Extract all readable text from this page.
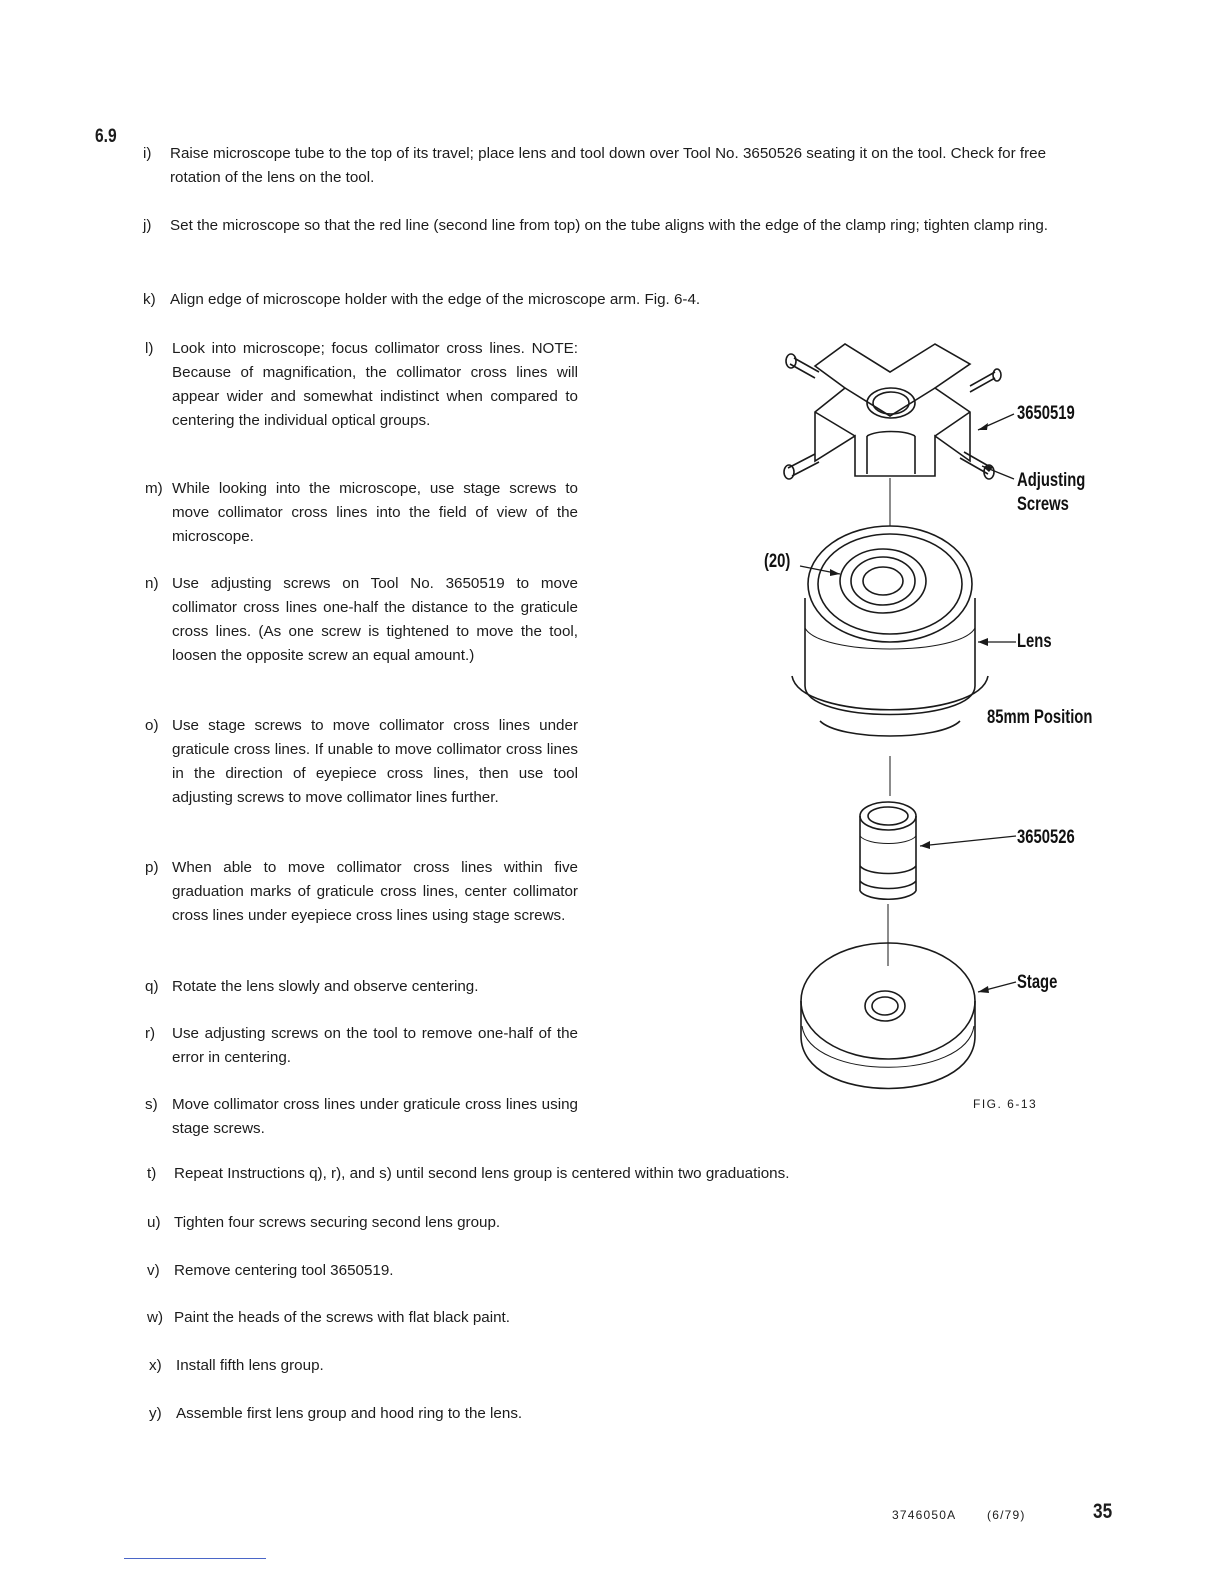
6.9
i) Raise microscope tube to the top of its travel; place lens and tool down over Tool No. 3650526 seating it on the tool. Check for free rotation of the lens on the tool.
j) Set the microscope so that the red line (second line from top) on the tube aligns with the edge of the clamp ring; tighten clamp ring.
k) Align edge of microscope holder with the edge of the microscope arm. Fig. 6-4.
l) Look into microscope; focus collimator cross lines. NOTE: Because of magnification, the collimator cross lines will appear wider and somewhat indistinct when compared to centering the individual optical groups.
m) While looking into the microscope, use stage screws to move collimator cross lines into the field of view of the microscope.
n) Use adjusting screws on Tool No. 3650519 to move collimator cross lines one-half the distance to the graticule cross lines. (As one screw is tightened to move the tool, loosen the opposite screw an equal amount.)
o) Use stage screws to move collimator cross lines under graticule cross lines. If unable to move collimator cross lines in the direction of eyepiece cross lines, then use tool adjusting screws to move collimator lines further.
p) When able to move collimator cross lines within five graduation marks of graticule cross lines, center collimator cross lines under eyepiece cross lines using stage screws.
q) Rotate the lens slowly and observe centering.
r) Use adjusting screws on the tool to remove one-half of the error in centering.
s) Move collimator cross lines under graticule cross lines using stage screws.
t) Repeat Instructions q), r), and s) until second lens group is centered within two graduations.
u) Tighten four screws securing second lens group.
v) Remove centering tool 3650519.
w) Paint the heads of the screws with flat black paint.
x) Install fifth lens group.
y) Assemble first lens group and hood ring to the lens.
3650519
Adjusting Screws
(20)
Lens
85mm Position
3650526
Stage
FIG. 6-13
3746050A	(6/79)	35
